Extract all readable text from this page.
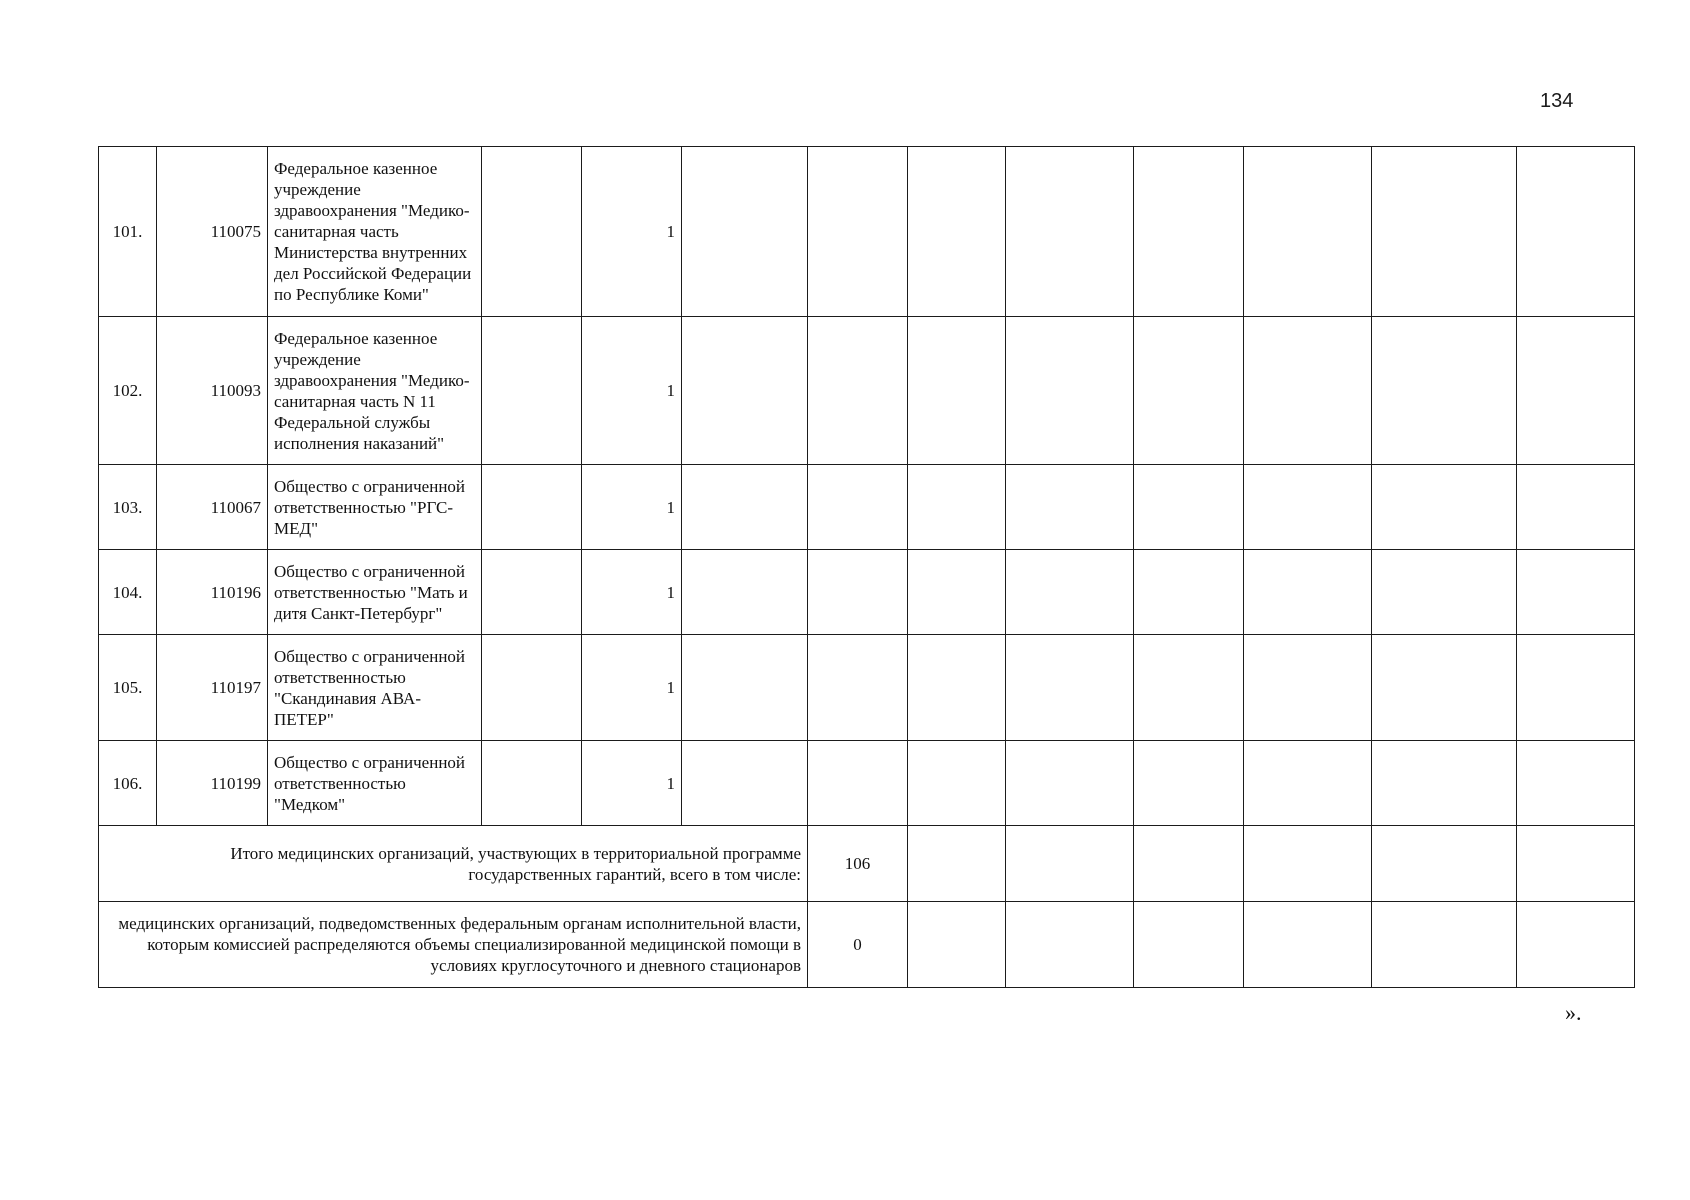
134
101.	110075	Федеральное казенное учреждение здравоохранения "Медико-санитарная часть Министерства внутренних дел Российской Федерации по Республике Коми"		1								
102.	110093	Федеральное казенное учреждение здравоохранения "Медико-санитарная часть N 11 Федеральной службы исполнения наказаний"		1								
103.	110067	Общество с ограниченной ответственностью "РГС-МЕД"		1								
104.	110196	Общество с ограниченной ответственностью "Мать и дитя Санкт-Петербург"		1								
105.	110197	Общество с ограниченной ответственностью "Скандинавия АВА-ПЕТЕР"		1								
106.	110199	Общество с ограниченной ответственностью "Медком"		1								
Итого медицинских организаций, участвующих в территориальной программе государственных гарантий, всего в том числе:						106						
медицинских организаций, подведомственных федеральным органам исполнительной власти, которым комиссией распределяются объемы специализированной медицинской помощи в условиях круглосуточного и дневного стационаров						0						
».
